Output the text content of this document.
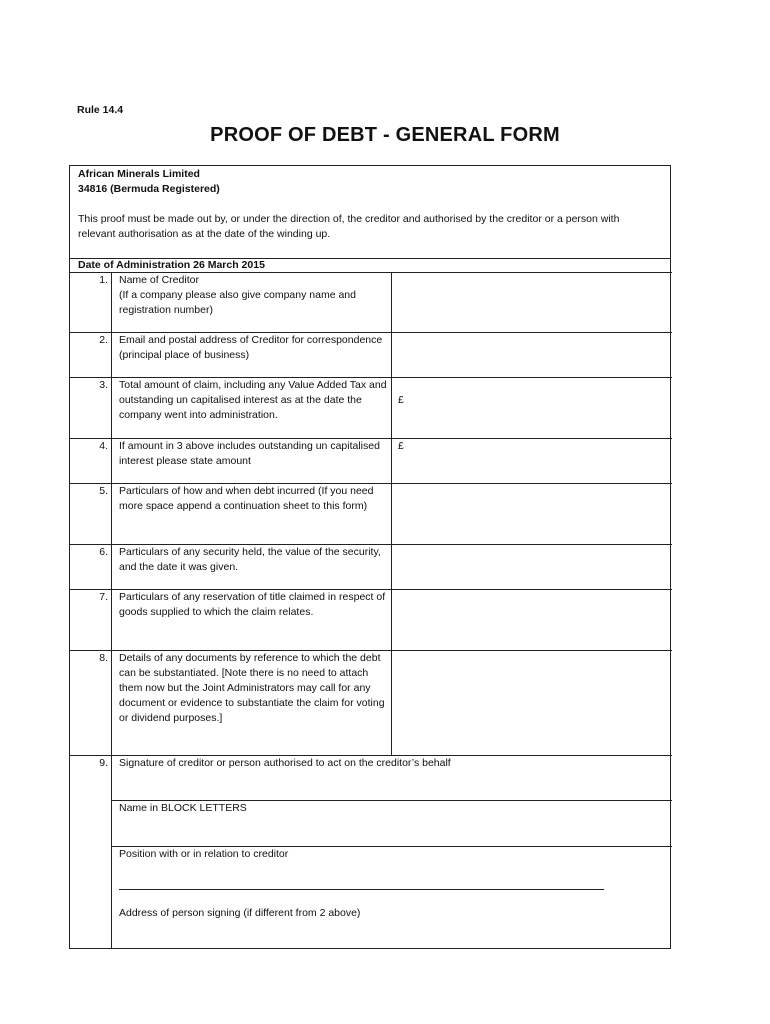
Rule 14.4
PROOF OF DEBT - GENERAL FORM
African Minerals Limited
34816 (Bermuda Registered)
This proof must be made out by, or under the direction of, the creditor and authorised by the creditor or a person with relevant authorisation as at the date of the winding up.
Date of Administration 26 March 2015
1. Name of Creditor
(If a company please also give company name and registration number)
2. Email and postal address of Creditor for correspondence (principal place of business)
3. Total amount of claim, including any Value Added Tax and outstanding un capitalised interest as at the date the company went into administration.
£
4. If amount in 3 above includes outstanding un capitalised interest please state amount
£
5. Particulars of how and when debt incurred (If you need more space append a continuation sheet to this form)
6. Particulars of any security held, the value of the security, and the date it was given.
7. Particulars of any reservation of title claimed in respect of goods supplied to which the claim relates.
8. Details of any documents by reference to which the debt can be substantiated. [Note there is no need to attach them now but the Joint Administrators may call for any document or evidence to substantiate the claim for voting or dividend purposes.]
9. Signature of creditor or person authorised to act on the creditor’s behalf
Name in BLOCK LETTERS
Position with or in relation to creditor
Address of person signing (if different from 2 above)
